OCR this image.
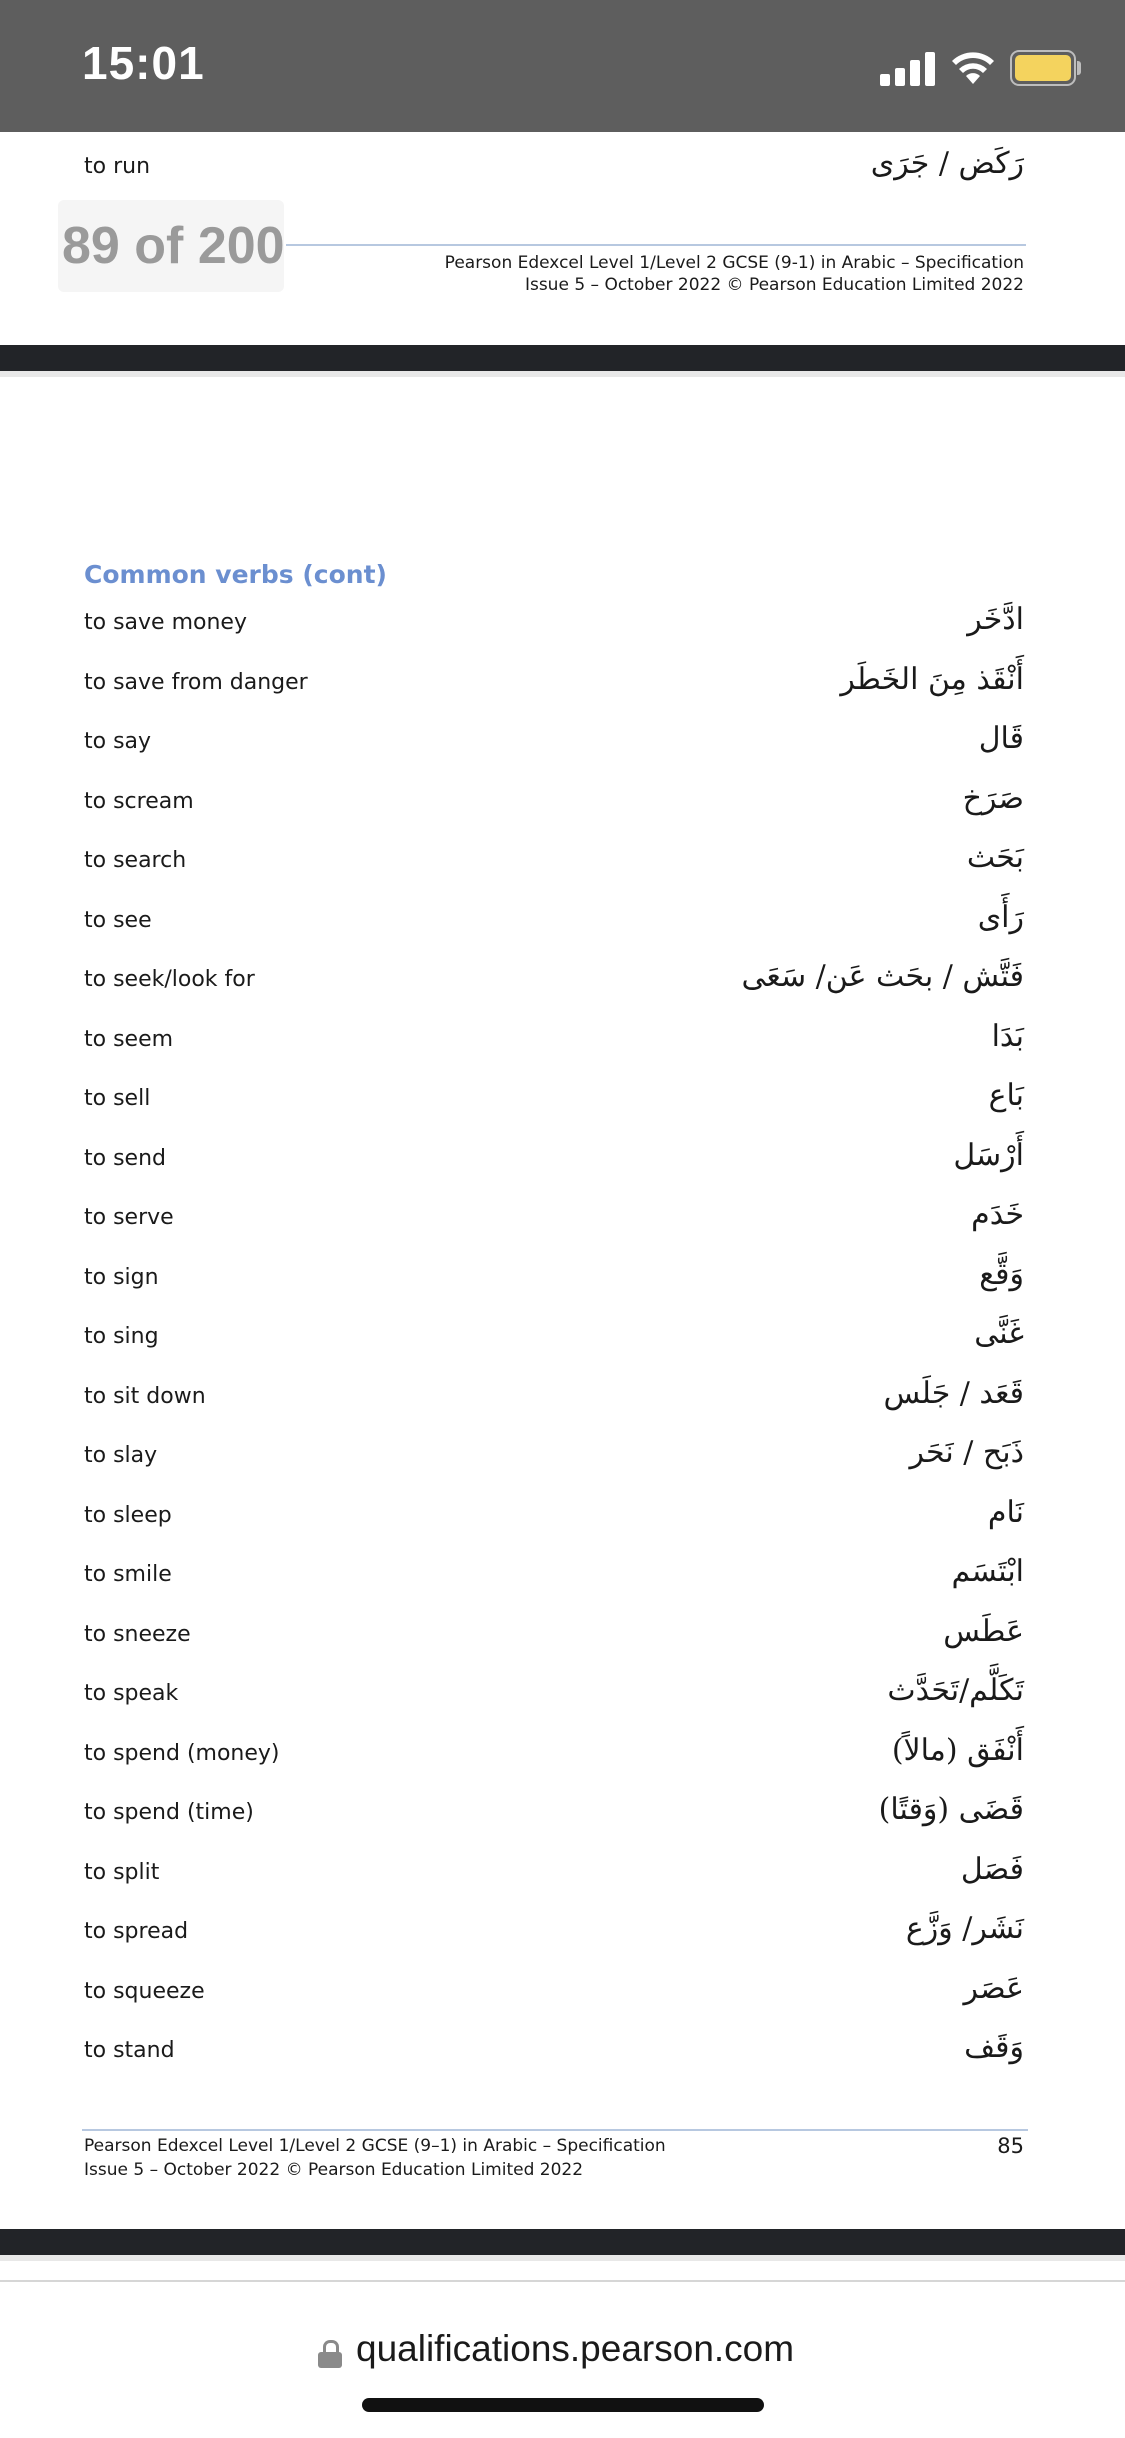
15:01
to run	رَكَض / جَرَى
89 of 200	Pearson Edexcel Level 1/Level 2 GCSE (9-1) in Arabic – Specification
Issue 5 – October 2022 © Pearson Education Limited 2022
Common verbs (cont)
to save money	ادَّخَر
to save from danger	أَنْقَذ مِنَ الخَطَر
to say	قَال
to scream	صَرَخ
to search	بَحَث
to see	رَأَى
to seek/look for	فَتَّش / بحَث عَن/ سَعَى
to seem	بَدَا
to sell	بَاع
to send	أَرْسَل
to serve	خَدَم
to sign	وَقَّع
to sing	غَنَّى
to sit down	قَعَد / جَلَس
to slay	ذَبَح / نَحَر
to sleep	نَام
to smile	ابْتَسَم
to sneeze	عَطَس
to speak	تَكَلَّم/تَحَدَّث
to spend (money)	أَنْفَق (مالاً)
to spend (time)	قَضَى (وَقتًا)
to split	فَصَل
to spread	نَشَر/ وَزَّع
to squeeze	عَصَر
to stand	وَقَف
Pearson Edexcel Level 1/Level 2 GCSE (9–1) in Arabic – Specification
Issue 5 – October 2022 © Pearson Education Limited 2022
85
qualifications.pearson.com
